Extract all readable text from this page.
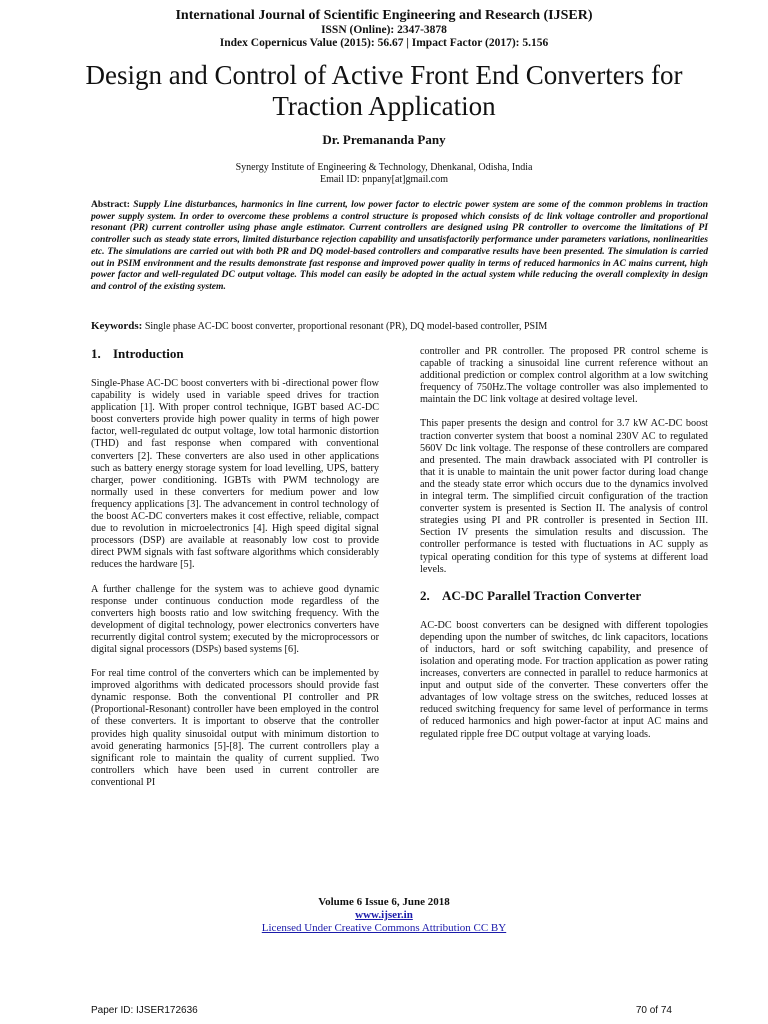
International Journal of Scientific Engineering and Research (IJSER)
ISSN (Online): 2347-3878
Index Copernicus Value (2015): 56.67 | Impact Factor (2017): 5.156
Design and Control of Active Front End Converters for Traction Application
Dr. Premananda Pany
Synergy Institute of Engineering & Technology, Dhenkanal, Odisha, India
Email ID: pnpany[at]gmail.com
Abstract: Supply Line disturbances, harmonics in line current, low power factor to electric power system are some of the common problems in traction power supply system. In order to overcome these problems a control structure is proposed which consists of dc link voltage controller and proportional resonant (PR) current controller using phase angle estimator. Current controllers are designed using PR controller to overcome the limitations of PI controller such as steady state errors, limited disturbance rejection capability and unsatisfactorily performance under parameters variations, nonlinearities etc. The simulations are carried out with both PR and DQ model-based controllers and comparative results have been presented. The simulation is carried out in PSIM environment and the results demonstrate fast response and improved power quality in terms of reduced harmonics in AC mains current, high power factor and well-regulated DC output voltage. This model can easily be adopted in the actual system while reducing the overall complexity in design and control of the existing system.
Keywords: Single phase AC-DC boost converter, proportional resonant (PR), DQ model-based controller, PSIM
1. Introduction

Single-Phase AC-DC boost converters with bi -directional power flow capability is widely used in variable speed drives for traction application [1]. With proper control technique, IGBT based AC-DC boost converters provide high power quality in terms of high power factor, well-regulated dc output voltage, low total harmonic distortion (THD) and fast response when compared with conventional converters [2]. These converters are also used in other applications such as battery energy storage system for load levelling, UPS, battery charger, power conditioning. IGBTs with PWM technology are normally used in these converters for medium power and low frequency applications [3]. The advancement in control technology of the boost AC-DC converters makes it cost effective, reliable, compact due to revolution in microelectronics [4]. High speed digital signal processors (DSP) are available at reasonably low cost to provide direct PWM signals with fast software algorithms which considerably reduces the hardware [5].

A further challenge for the system was to achieve good dynamic response under continuous conduction mode regardless of the converters high boosts ratio and low switching frequency. With the development of digital technology, power electronics converters have recurrently digital control system; executed by the microprocessors or digital signal processors (DSPs) based systems [6].

For real time control of the converters which can be implemented by improved algorithms with dedicated processors should provide fast dynamic response. Both the conventional PI controller and PR (Proportional-Resonant) controller have been employed in the control of these converters. It is important to observe that the controller provides high quality sinusoidal output with minimum distortion to avoid generating harmonics [5]-[8]. The current controllers play a significant role to maintain the quality of current supplied. Two controllers which have been used in current controller are conventional PI

controller and PR controller. The proposed PR control scheme is capable of tracking a sinusoidal line current reference without an additional prediction or complex control algorithm at a low switching frequency of 750Hz.The voltage controller was also implemented to maintain the DC link voltage at desired voltage level.

This paper presents the design and control for 3.7 kW AC-DC boost traction converter system that boost a nominal 230V AC to regulated 560V Dc link voltage. The response of these controllers are compared and presented. The main drawback associated with PI controller is that it is unable to maintain the unit power factor during load change and the steady state error which occurs due to the dynamics involved in integral term. The simplified circuit configuration of the traction converter system is presented is Section II. The analysis of control strategies using PI and PR controller is presented in Section III. Section IV presents the simulation results and discussion. The controller performance is tested with fluctuations in AC supply as typical operating condition for this type of systems at different load levels.

2. AC-DC Parallel Traction Converter

AC-DC boost converters can be designed with different topologies depending upon the number of switches, dc link capacitors, locations of inductors, hard or soft switching capability, and presence of isolation and operating mode. For traction application as power rating increases, converters are connected in parallel to reduce harmonics at input and output side of the converter. These converters offer the advantages of low voltage stress on the switches, reduced losses at reduced switching frequency for same level of performance in terms of reduced harmonics and high power-factor at input AC mains and regulated ripple free DC output voltage at varying loads.

Volume 6 Issue 6, June 2018
www.ijser.in
Licensed Under Creative Commons Attribution CC BY
Paper ID: IJSER172636	70 of 74
